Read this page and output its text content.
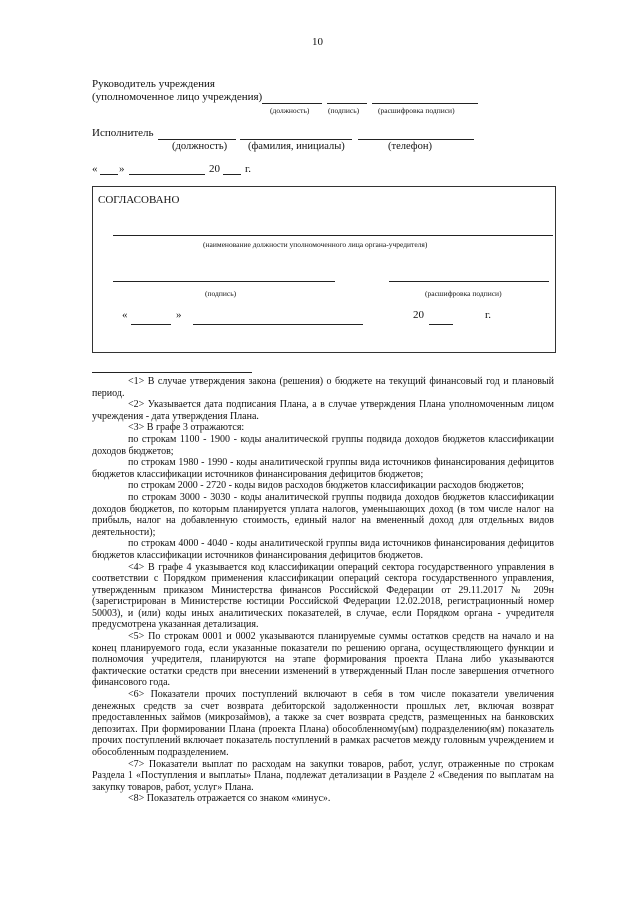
10
Руководитель учреждения
(уполномоченное лицо учреждения)
(должность) (подпись)	(расшифровка подписи)
Исполнитель
(должность) (фамилия, инициалы)	(телефон)
« »	20 г.
СОГЛАСОВАНО
(наименование должности уполномоченного лица органа-учредителя)
(подпись)	(расшифровка подписи)
«	»	20	г.

<1> В случае утверждения закона (решения) о бюджете на текущий финансовый год и плановый период.

<2> Указывается дата подписания Плана, а в случае утверждения Плана уполномоченным лицом учреждения - дата утверждения Плана.

<3> В графе 3 отражаются:

по строкам 1100 - 1900 - коды аналитической группы подвида доходов бюджетов классификации доходов бюджетов;

по строкам 1980 - 1990 - коды аналитической группы вида источников финансирования дефицитов бюджетов классификации источников финансирования дефицитов бюджетов;

по строкам 2000 - 2720 - коды видов расходов бюджетов классификации расходов бюджетов;

по строкам 3000 - 3030 - коды аналитической группы подвида доходов бюджетов классификации доходов бюджетов, по которым планируется уплата налогов, уменьшающих доход (в том числе налог на прибыль, налог на добавленную стоимость, единый налог на вмененный доход для отдельных видов деятельности);

по строкам 4000 - 4040 - коды аналитической группы вида источников финансирования дефицитов бюджетов классификации источников финансирования дефицитов бюджетов.

<4> В графе 4 указывается код классификации операций сектора государственного управления в соответствии с Порядком применения классификации операций сектора государственного управления, утвержденным приказом Министерства финансов Российской Федерации от 29.11.2017 № 209н (зарегистрирован в Министерстве юстиции Российской Федерации 12.02.2018, регистрационный номер 50003), и (или) коды иных аналитических показателей, в случае, если Порядком органа - учредителя предусмотрена указанная детализация.

<5> По строкам 0001 и 0002 указываются планируемые суммы остатков средств на начало и на конец планируемого года, если указанные показатели по решению органа, осуществляющего функции и полномочия учредителя, планируются на этапе формирования проекта Плана либо указываются фактические остатки средств при внесении изменений в утвержденный План после завершения отчетного финансового года.

<6> Показатели прочих поступлений включают в себя в том числе показатели увеличения денежных средств за счет возврата дебиторской задолженности прошлых лет, включая возврат предоставленных займов (микрозаймов), а также за счет возврата средств, размещенных на банковских депозитах. При формировании Плана (проекта Плана) обособленному(ым) подразделению(ям) показатель прочих поступлений включает показатель поступлений в рамках расчетов между головным учреждением и обособленным подразделением.

<7> Показатели выплат по расходам на закупки товаров, работ, услуг, отраженные по строкам Раздела 1 «Поступления и выплаты» Плана, подлежат детализации в Разделе 2 «Сведения по выплатам на закупку товаров, работ, услуг» Плана.

<8> Показатель отражается со знаком «минус».
